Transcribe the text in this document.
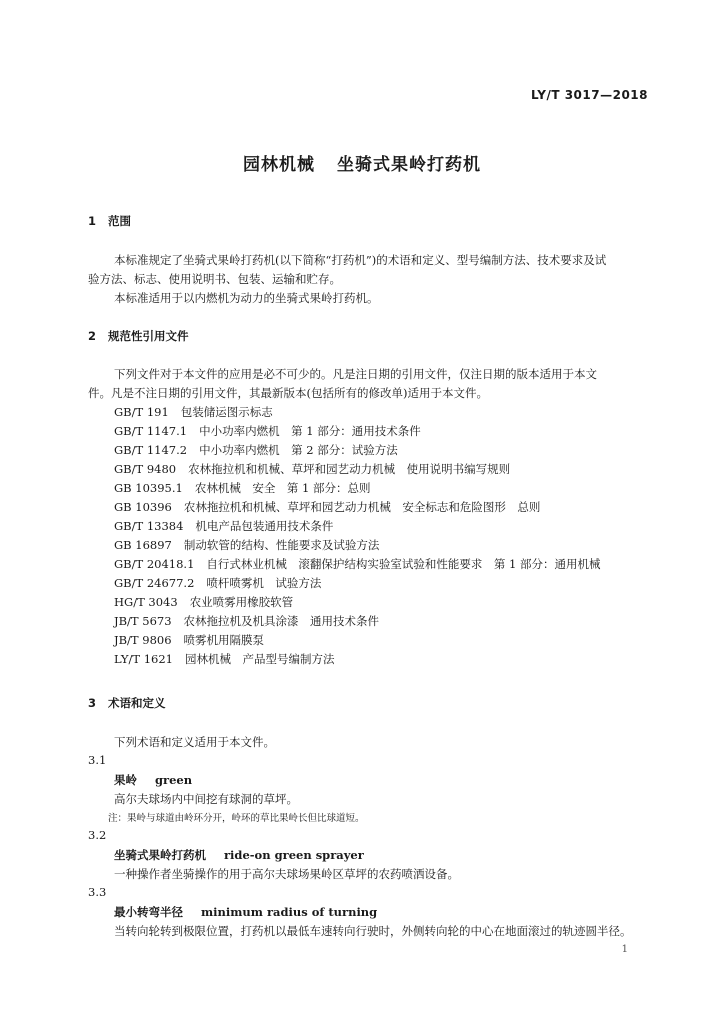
LY/T 3017—2018
园林机械 坐骑式果岭打药机
1 范围
本标准规定了坐骑式果岭打药机(以下简称“打药机”)的术语和定义、型号编制方法、技术要求及试
验方法、标志、使用说明书、包装、运输和贮存。
本标准适用于以内燃机为动力的坐骑式果岭打药机。
2 规范性引用文件
下列文件对于本文件的应用是必不可少的。凡是注日期的引用文件，仅注日期的版本适用于本文
件。凡是不注日期的引用文件，其最新版本(包括所有的修改单)适用于本文件。
GB/T 191 包装储运图示标志
GB/T 1147.1 中小功率内燃机　第 1 部分：通用技术条件
GB/T 1147.2 中小功率内燃机　第 2 部分：试验方法
GB/T 9480 农林拖拉机和机械、草坪和园艺动力机械　使用说明书编写规则
GB 10395.1 农林机械　安全　第 1 部分：总则
GB 10396 农林拖拉机和机械、草坪和园艺动力机械　安全标志和危险图形　总则
GB/T 13384 机电产品包装通用技术条件
GB 16897 制动软管的结构、性能要求及试验方法
GB/T 20418.1 自行式林业机械　滚翻保护结构实验室试验和性能要求　第 1 部分：通用机械
GB/T 24677.2 喷杆喷雾机　试验方法
HG/T 3043 农业喷雾用橡胶软管
JB/T 5673 农林拖拉机及机具涂漆　通用技术条件
JB/T 9806 喷雾机用隔膜泵
LY/T 1621 园林机械　产品型号编制方法
3 术语和定义
下列术语和定义适用于本文件。
3.1
果岭 green
高尔夫球场内中间挖有球洞的草坪。
注：果岭与球道由岭环分开，岭环的草比果岭长但比球道短。
3.2
坐骑式果岭打药机 ride-on green sprayer
一种操作者坐骑操作的用于高尔夫球场果岭区草坪的农药喷洒设备。
3.3
最小转弯半径 minimum radius of turning
当转向轮转到极限位置，打药机以最低车速转向行驶时，外侧转向轮的中心在地面滚过的轨迹圆半径。
1
